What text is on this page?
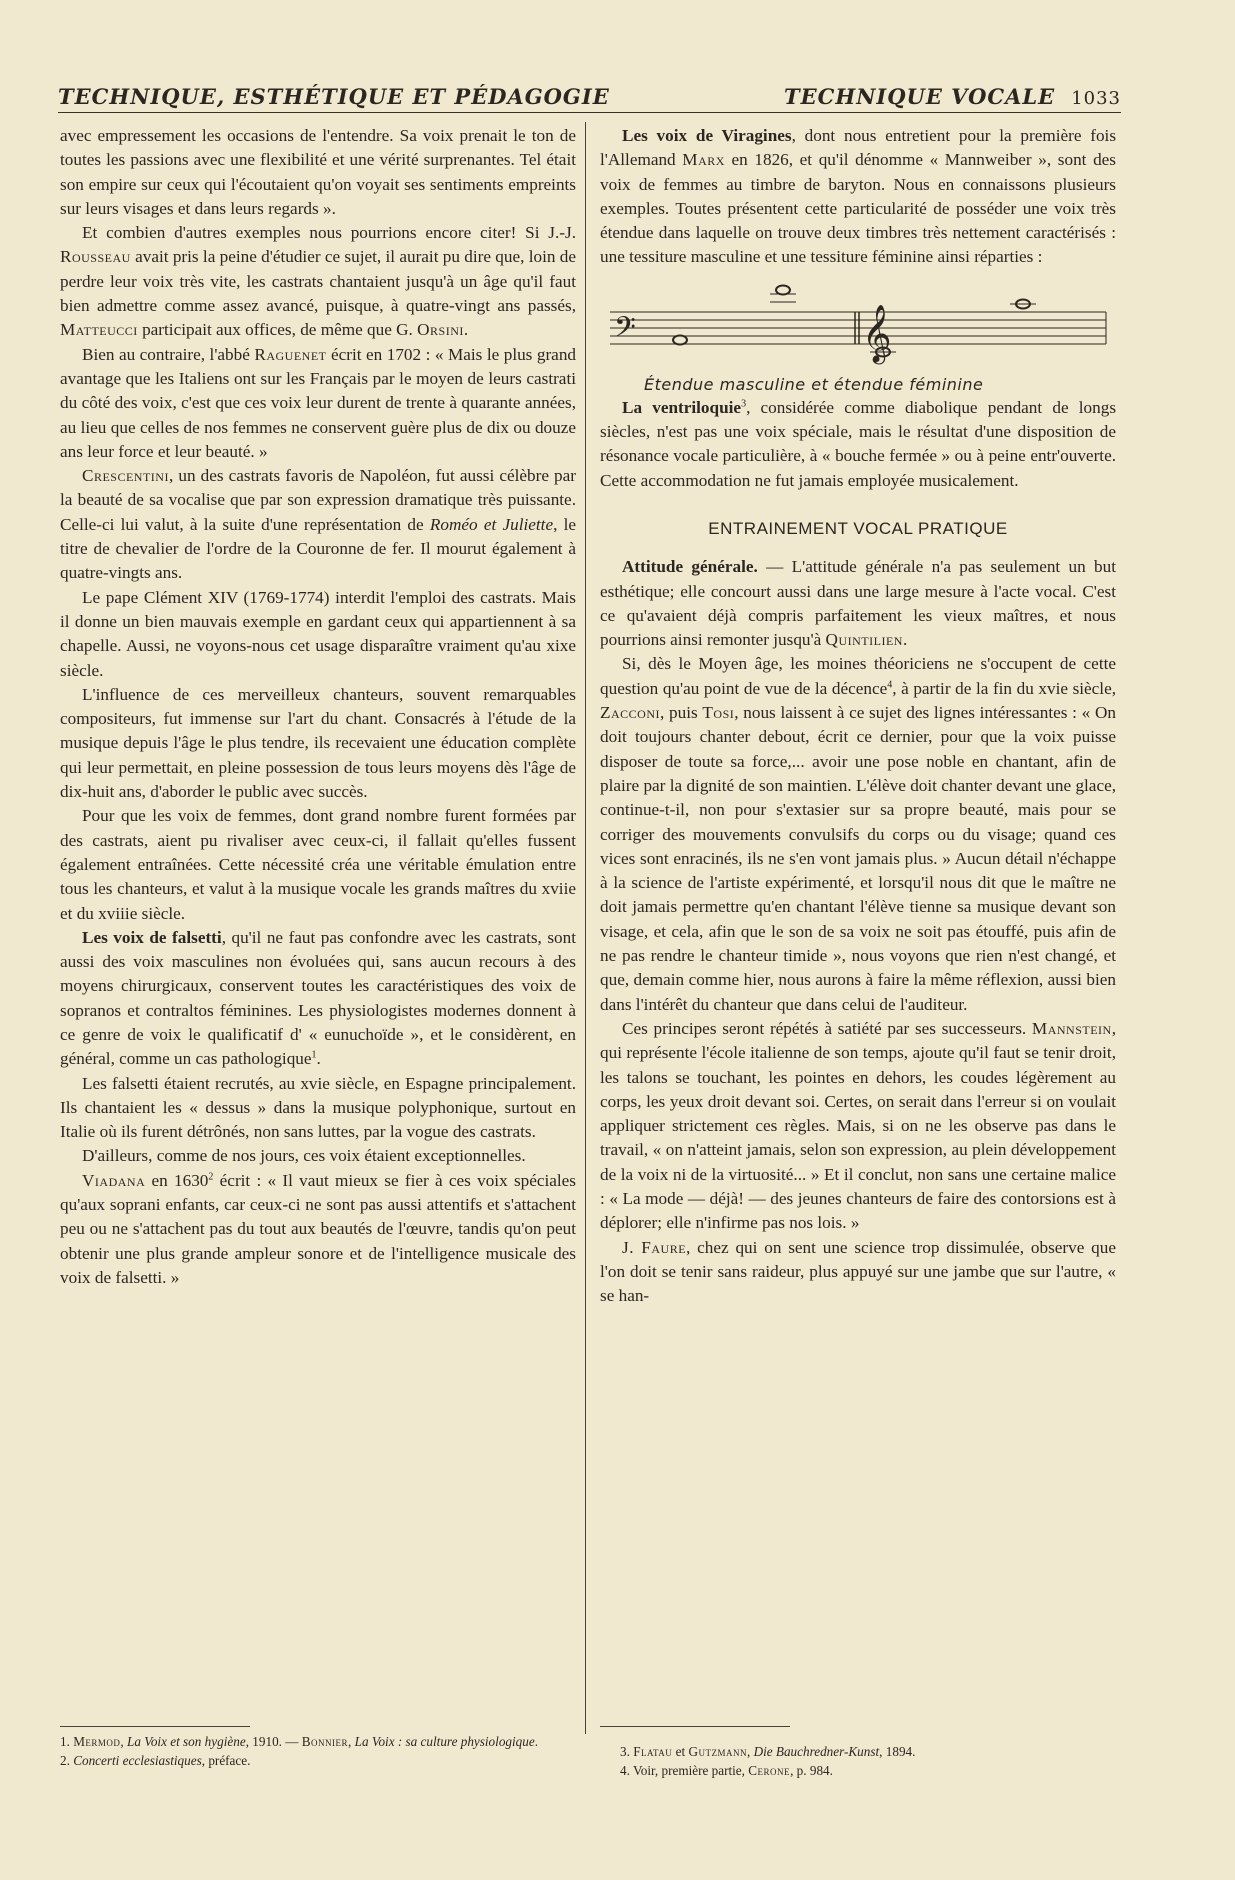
TECHNIQUE, ESTHÉTIQUE ET PÉDAGOGIE	TECHNIQUE VOCALE 1033

avec empressement les occasions de l'entendre. Sa voix prenait le ton de toutes les passions avec une flexibilité et une vérité surprenantes. Tel était son empire sur ceux qui l'écoutaient qu'on voyait ses sentiments empreints sur leurs visages et dans leurs regards ».

Et combien d'autres exemples nous pourrions encore citer! Si J.-J. Rousseau avait pris la peine d'étudier ce sujet, il aurait pu dire que, loin de perdre leur voix très vite, les castrats chantaient jusqu'à un âge qu'il faut bien admettre comme assez avancé, puisque, à quatre-vingt ans passés, Matteucci participait aux offices, de même que G. Orsini.

Bien au contraire, l'abbé Raguenet écrit en 1702 : « Mais le plus grand avantage que les Italiens ont sur les Français par le moyen de leurs castrati du côté des voix, c'est que ces voix leur durent de trente à quarante années, au lieu que celles de nos femmes ne conservent guère plus de dix ou douze ans leur force et leur beauté. »

Crescentini, un des castrats favoris de Napoléon, fut aussi célèbre par la beauté de sa vocalise que par son expression dramatique très puissante. Celle-ci lui valut, à la suite d'une représentation de Roméo et Juliette, le titre de chevalier de l'ordre de la Couronne de fer. Il mourut également à quatre-vingts ans.

Le pape Clément XIV (1769-1774) interdit l'emploi des castrats. Mais il donne un bien mauvais exemple en gardant ceux qui appartiennent à sa chapelle. Aussi, ne voyons-nous cet usage disparaître vraiment qu'au xixe siècle.

L'influence de ces merveilleux chanteurs, souvent remarquables compositeurs, fut immense sur l'art du chant. Consacrés à l'étude de la musique depuis l'âge le plus tendre, ils recevaient une éducation complète qui leur permettait, en pleine possession de tous leurs moyens dès l'âge de dix-huit ans, d'aborder le public avec succès.

Pour que les voix de femmes, dont grand nombre furent formées par des castrats, aient pu rivaliser avec ceux-ci, il fallait qu'elles fussent également entraînées. Cette nécessité créa une véritable émulation entre tous les chanteurs, et valut à la musique vocale les grands maîtres du xviie et du xviiie siècle.

Les voix de falsetti, qu'il ne faut pas confondre avec les castrats, sont aussi des voix masculines non évoluées qui, sans aucun recours à des moyens chirurgicaux, conservent toutes les caractéristiques des voix de sopranos et contraltos féminines. Les physiologistes modernes donnent à ce genre de voix le qualificatif d' « eunuchoïde », et le considèrent, en général, comme un cas pathologique$^1$.

Les falsetti étaient recrutés, au xvie siècle, en Espagne principalement. Ils chantaient les « dessus » dans la musique polyphonique, surtout en Italie où ils furent détrônés, non sans luttes, par la vogue des castrats.

D'ailleurs, comme de nos jours, ces voix étaient exceptionnelles.

Viadana en 1630$^2$ écrit : « Il vaut mieux se fier à ces voix spéciales qu'aux soprani enfants, car ceux-ci ne sont pas aussi attentifs et s'attachent peu ou ne s'attachent pas du tout aux beautés de l'œuvre, tandis qu'on peut obtenir une plus grande ampleur sonore et de l'intelligence musicale des voix de falsetti. »

1. Mermod, La Voix et son hygiène, 1910. — Bonnier, La Voix : sa culture physiologique.

2. Concerti ecclesiastiques, préface.

Les voix de Viragines, dont nous entretient pour la première fois l'Allemand Marx en 1826, et qu'il dénomme « Mannweiber », sont des voix de femmes au timbre de baryton. Nous en connaissons plusieurs exemples. Toutes présentent cette particularité de posséder une voix très étendue dans laquelle on trouve deux timbres très nettement caractérisés : une tessiture masculine et une tessiture féminine ainsi réparties :

𝄢	𝄞
Étendue masculine et étendue féminine

La ventriloquie$^3$, considérée comme diabolique pendant de longs siècles, n'est pas une voix spéciale, mais le résultat d'une disposition de résonance vocale particulière, à « bouche fermée » ou à peine entr'ouverte. Cette accommodation ne fut jamais employée musicalement.

ENTRAINEMENT VOCAL PRATIQUE

Attitude générale. — L'attitude générale n'a pas seulement un but esthétique; elle concourt aussi dans une large mesure à l'acte vocal. C'est ce qu'avaient déjà compris parfaitement les vieux maîtres, et nous pourrions ainsi remonter jusqu'à Quintilien.

Si, dès le Moyen âge, les moines théoriciens ne s'occupent de cette question qu'au point de vue de la décence$^4$, à partir de la fin du xvie siècle, Zacconi, puis Tosi, nous laissent à ce sujet des lignes intéressantes : « On doit toujours chanter debout, écrit ce dernier, pour que la voix puisse disposer de toute sa force,... avoir une pose noble en chantant, afin de plaire par la dignité de son maintien. L'élève doit chanter devant une glace, continue-t-il, non pour s'extasier sur sa propre beauté, mais pour se corriger des mouvements convulsifs du corps ou du visage; quand ces vices sont enracinés, ils ne s'en vont jamais plus. » Aucun détail n'échappe à la science de l'artiste expérimenté, et lorsqu'il nous dit que le maître ne doit jamais permettre qu'en chantant l'élève tienne sa musique devant son visage, et cela, afin que le son de sa voix ne soit pas étouffé, puis afin de ne pas rendre le chanteur timide », nous voyons que rien n'est changé, et que, demain comme hier, nous aurons à faire la même réflexion, aussi bien dans l'intérêt du chanteur que dans celui de l'auditeur.

Ces principes seront répétés à satiété par ses successeurs. Mannstein, qui représente l'école italienne de son temps, ajoute qu'il faut se tenir droit, les talons se touchant, les pointes en dehors, les coudes légèrement au corps, les yeux droit devant soi. Certes, on serait dans l'erreur si on voulait appliquer strictement ces règles. Mais, si on ne les observe pas dans le travail, « on n'atteint jamais, selon son expression, au plein développement de la voix ni de la virtuosité... » Et il conclut, non sans une certaine malice : « La mode — déjà! — des jeunes chanteurs de faire des contorsions est à déplorer; elle n'infirme pas nos lois. »

J. Faure, chez qui on sent une science trop dissimulée, observe que l'on doit se tenir sans raideur, plus appuyé sur une jambe que sur l'autre, « se han-

3. Flatau et Gutzmann, Die Bauchredner-Kunst, 1894.

4. Voir, première partie, Cerone, p. 984.
